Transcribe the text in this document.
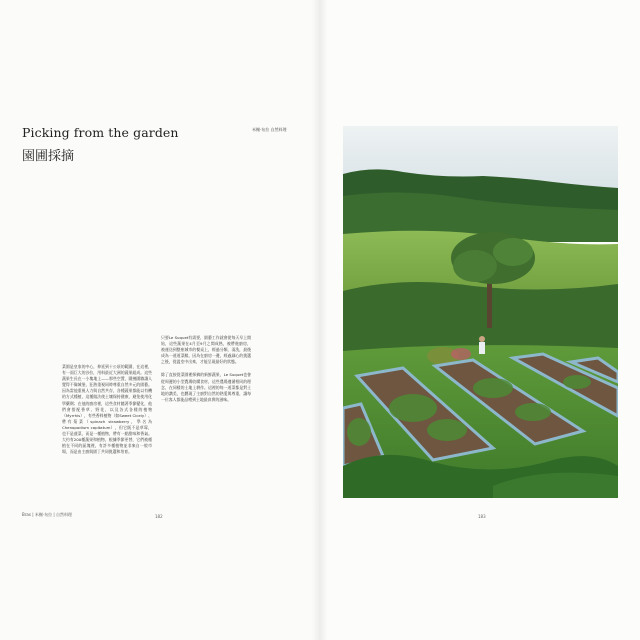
Picking from the garden
園圃採摘

菜園是皇家的中心，伸延到十公頃的範圍，在這裡，有一面巨大的沙拉，用料最近大洲的蔬果組成。這些蔬果生長在一小塊地上——那些空置，圍繞圍牆讓人覺得不像城堡，狂熱重視同時尊重自然多元的園藝。因為當他重視人力與自然共存，各種蔬果都能以有機的方式種植，這種做法使土壤保持健康，避免使用化學藥劑；在他的廚房裡，這些食材隨著季節變化，他們會搭配香草、野花，以及各式各樣的植物（Myrrhis），有些香料植物（如Sweet Cicely）、帶有菊菜（spinach strawberry，學名為Chenopodium capitatum），但它既不是草莓，也不是菠菜，而是一種植物，帶有一點甜味和香氣。大約有200種蔬果和植物，根據季節更替，它們被種植在不同的區塊裡，有許多種植物並非來自一般市場，而是由主廚與園丁共同挑選和培育。

只要Le Suquet有需要，園藝工作就會從每天早上開始，這些蔬果在4月至9月之間成熟，被帶進廚房，被運送到整座城市的餐桌上，經過分類、清洗，最後成為一道道菜餚。因為在廚房一邊，經過細心的挑選之後，從溫室中出來，才能呈現最好的狀態。

除了直接從菜園裡採摘的新鮮蔬果，Le Suquet也會從周邊的小型農場收購食材，這些農場遵循相同的理念，在同樣的土地上耕作。這裡的每一道菜都是對土地的讚美，也體現了主廚對自然的熱愛與尊重，讓每一位客人都能品嚐到土地最真實的滋味。

Bras | 米榭·布拉 | 自然料理	182	183
米榭‧布拉 自然料理
